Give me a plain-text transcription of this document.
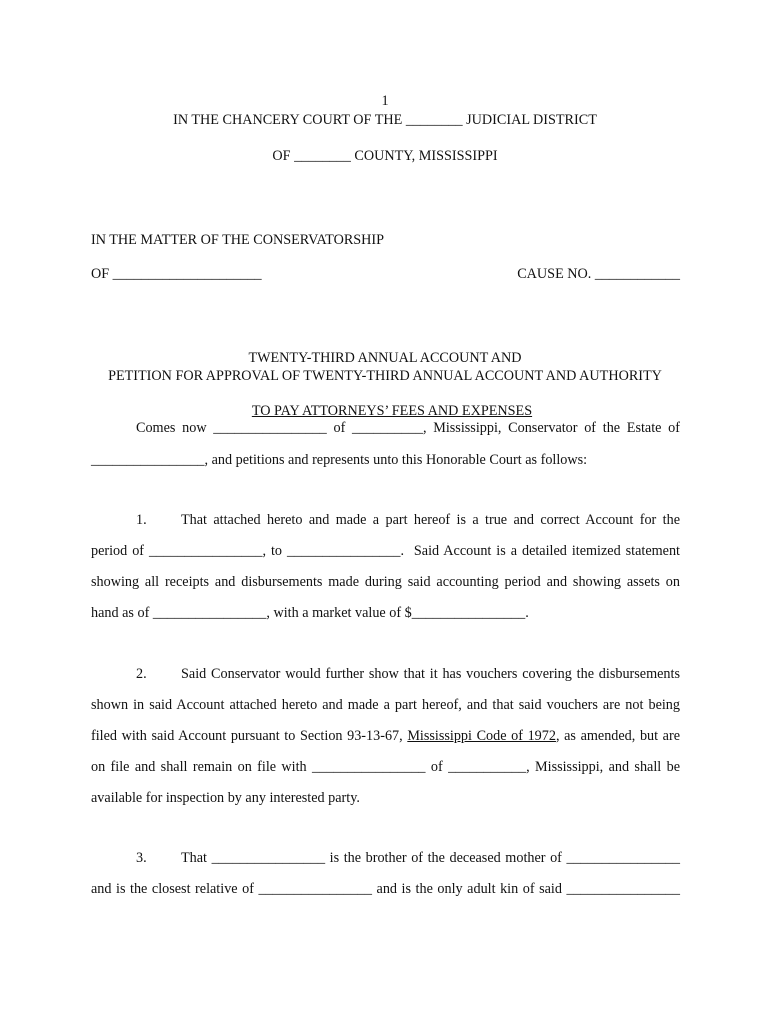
1
IN THE CHANCERY COURT OF THE ________ JUDICIAL DISTRICT
OF ________ COUNTY, MISSISSIPPI
IN THE MATTER OF THE CONSERVATORSHIP
OF _____________________	CAUSE NO. ____________
TWENTY-THIRD ANNUAL ACCOUNT AND
PETITION FOR APPROVAL OF TWENTY-THIRD ANNUAL ACCOUNT AND AUTHORITY

TO PAY ATTORNEYS’ FEES AND EXPENSES

Comes now ________________ of __________, Mississippi, Conservator of the Estate of
________________, and petitions and represents unto this Honorable Court as follows:
1. That attached hereto and made a part hereof is a true and correct Account for the
period of ________________, to ________________.  Said Account is a detailed itemized statement
showing all receipts and disbursements made during said accounting period and showing assets on
hand as of ________________, with a market value of $________________.
2. Said Conservator would further show that it has vouchers covering the disbursements
shown in said Account attached hereto and made a part hereof, and that said vouchers are not being
filed with said Account pursuant to Section 93-13-67, Mississippi Code of 1972, as amended, but are
on file and shall remain on file with ________________ of ___________, Mississippi, and shall be
available for inspection by any interested party.
3. That ________________ is the brother of the deceased mother of ________________
and is the closest relative of ________________ and is the only adult kin of said ________________
